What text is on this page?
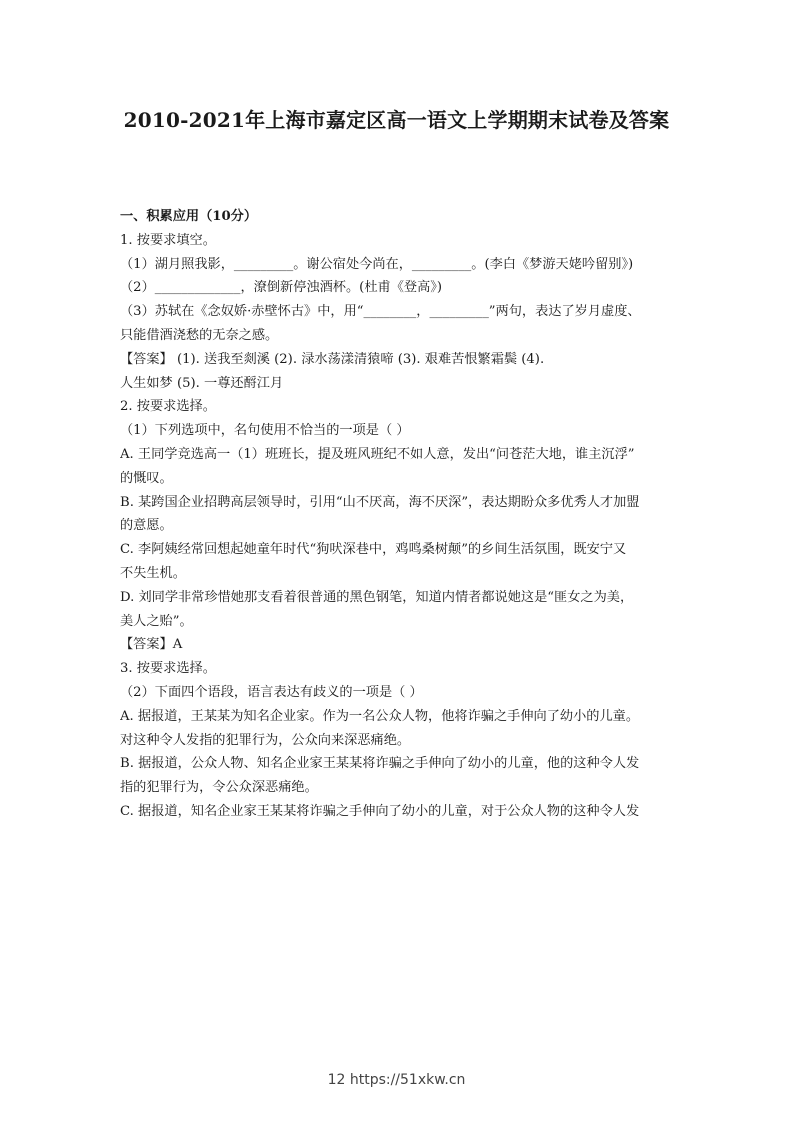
2010-2021年上海市嘉定区高一语文上学期期末试卷及答案

一、积累应用（10分）

1. 按要求填空。

（1）湖月照我影，_________。谢公宿处今尚在，_________。(李白《梦游天姥吟留别》)

（2）_____________，潦倒新停浊酒杯。(杜甫《登高》)

（3）苏轼在《念奴娇·赤壁怀古》中，用“________，_________”两句，表达了岁月虚度、

只能借酒浇愁的无奈之感。

【答案】 (1). 送我至剡溪 (2). 渌水荡漾清猿啼 (3). 艰难苦恨繁霜鬓 (4).

人生如梦 (5). 一尊还酹江月

2. 按要求选择。

（1）下列选项中，名句使用不恰当的一项是（ ）

A. 王同学竞选高一（1）班班长，提及班风班纪不如人意，发出“问苍茫大地，谁主沉浮”

的慨叹。

B. 某跨国企业招聘高层领导时，引用“山不厌高，海不厌深”，表达期盼众多优秀人才加盟

的意愿。

C. 李阿姨经常回想起她童年时代“狗吠深巷中，鸡鸣桑树颠”的乡间生活氛围，既安宁又

不失生机。

D. 刘同学非常珍惜她那支看着很普通的黑色钢笔，知道内情者都说她这是“匪女之为美，

美人之贻”。

【答案】A

3. 按要求选择。

（2）下面四个语段，语言表达有歧义的一项是（ ）

A. 据报道，王某某为知名企业家。作为一名公众人物，他将诈骗之手伸向了幼小的儿童。

对这种令人发指的犯罪行为，公众向来深恶痛绝。

B. 据报道，公众人物、知名企业家王某某将诈骗之手伸向了幼小的儿童，他的这种令人发

指的犯罪行为，令公众深恶痛绝。

C. 据报道，知名企业家王某某将诈骗之手伸向了幼小的儿童，对于公众人物的这种令人发

12 https://51xkw.cn
